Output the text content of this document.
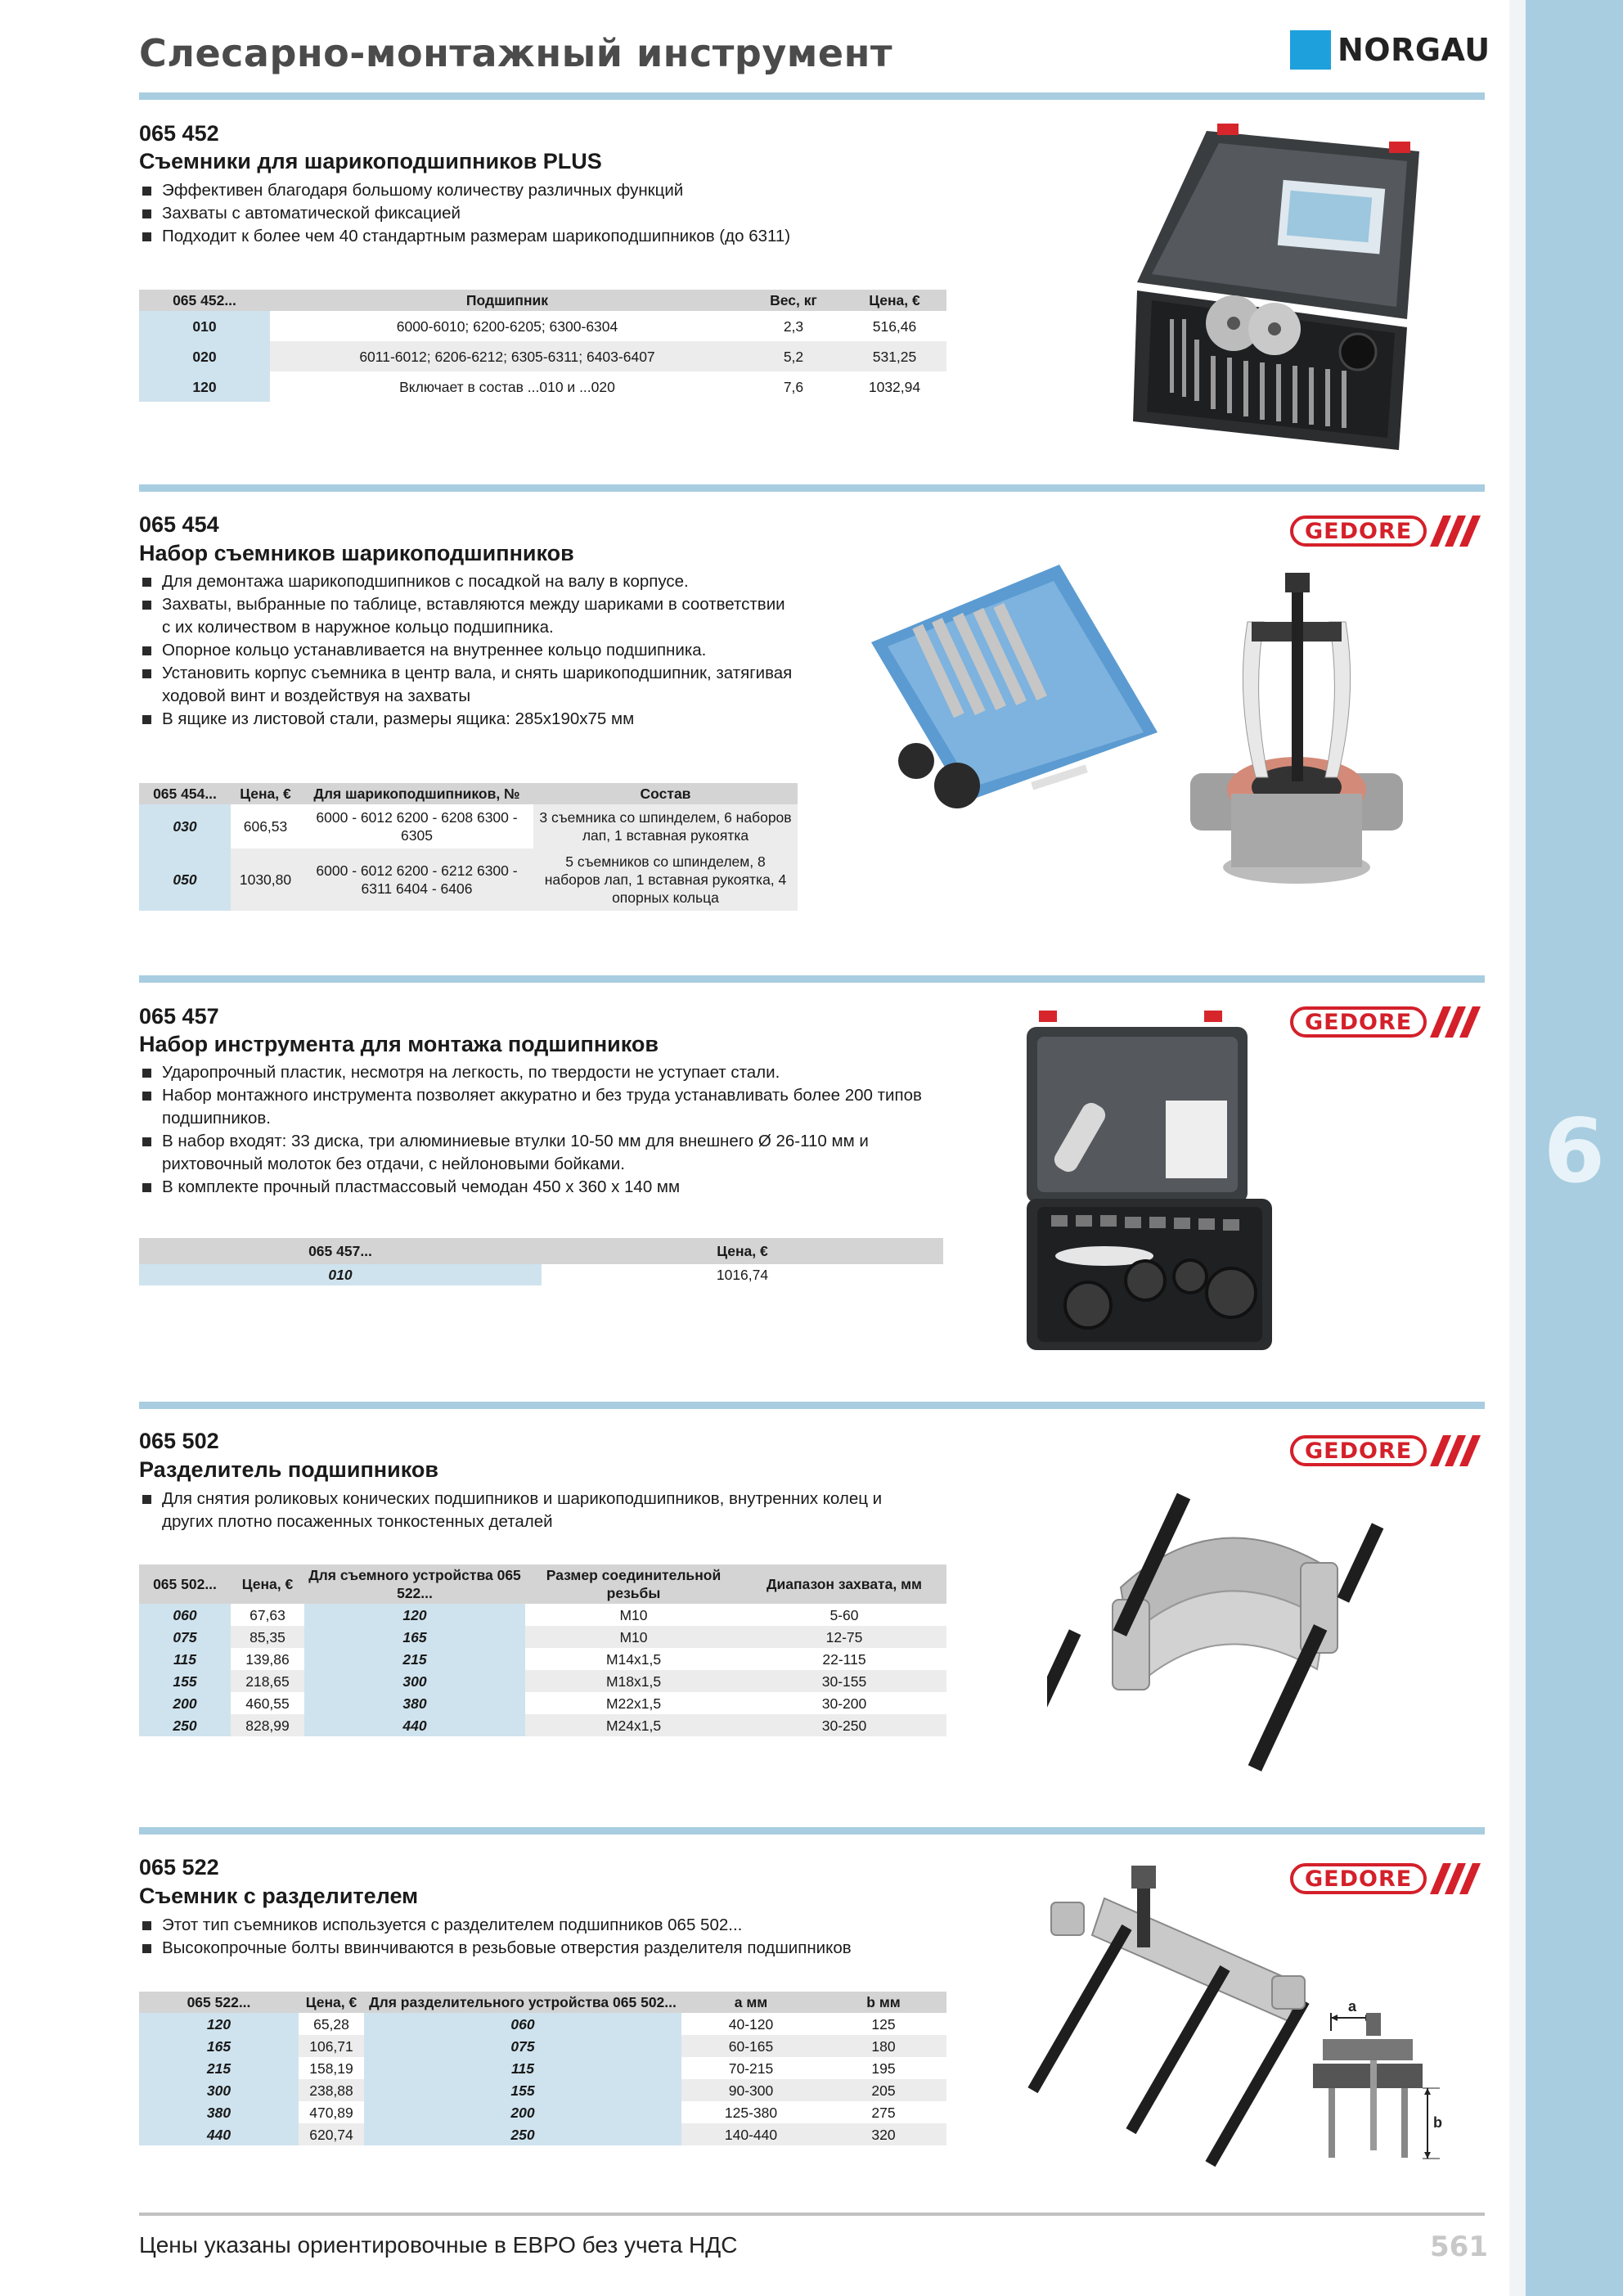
6
Слесарно-монтажный инструмент	NORGAU
065 452
Съемники для шарикоподшипников PLUS
Эффективен благодаря большому количеству различных функций
Захваты с автоматической фиксацией
Подходит к более чем 40 стандартным размерам шарикоподшипников (до 6311)
065 452...	Подшипник	Вес, кг	Цена, €
010	6000-6010; 6200-6205; 6300-6304	2,3	516,46
020	6011-6012; 6206-6212; 6305-6311; 6403-6407	5,2	531,25
120	Включает в состав ...010 и ...020	7,6	1032,94
065 454
Набор съемников шарикоподшипников
Для демонтажа шарикоподшипников с посадкой на валу в корпусе.
Захваты, выбранные по таблице, вставляются между шариками в соответствии с их количеством в наружное кольцо подшипника.
Опорное кольцо устанавливается на внутреннее кольцо подшипника.
Установить корпус съемника в центр вала, и снять шарикоподшипник, затягивая ходовой винт и воздействуя на захваты
В ящике из листовой стали, размеры ящика: 285x190x75 мм
065 454...	Цена, €	Для шарикоподшипников, №	Состав
030	606,53	6000 - 6012 6200 - 6208 6300 - 6305	3 съемника со шпинделем, 6 наборов лап, 1 вставная рукоятка
050	1030,80	6000 - 6012 6200 - 6212 6300 - 6311 6404 - 6406	5 съемников со шпинделем, 8 наборов лап, 1 вставная рукоятка, 4 опорных кольца
GEDORE
065 457
Набор инструмента для монтажа подшипников
Ударопрочный пластик, несмотря на легкость, по твердости не уступает стали.
Набор монтажного инструмента позволяет аккуратно и без труда устанавливать более 200 типов подшипников.
В набор входят: 33 диска, три алюминиевые втулки 10-50 мм для внешнего Ø 26-110 мм и рихтовочный молоток без отдачи, с нейлоновыми бойками.
В комплекте прочный пластмассовый чемодан 450 x 360 x 140 мм
065 457...	Цена, €
010	1016,74
GEDORE
065 502
Разделитель подшипников
Для снятия роликовых конических подшипников и шарикоподшипников, внутренних колец и других плотно посаженных тонкостенных деталей
065 502...	Цена, €	Для съемного устройства 065 522...	Размер соединительной резьбы	Диапазон захвата, мм
060	67,63	120	M10	5-60
075	85,35	165	M10	12-75
115	139,86	215	M14x1,5	22-115
155	218,65	300	M18x1,5	30-155
200	460,55	380	M22x1,5	30-200
250	828,99	440	M24x1,5	30-250
GEDORE
065 522
Съемник с разделителем
Этот тип съемников используется с разделителем подшипников 065 502...
Высокопрочные болты ввинчиваются в резьбовые отверстия разделителя подшипников
065 522...	Цена, €	Для разделительного устройства 065 502...	a мм	b мм
120	65,28	060	40-120	125
165	106,71	075	60-165	180
215	158,19	115	70-215	195
300	238,88	155	90-300	205
380	470,89	200	125-380	275
440	620,74	250	140-440	320
GEDORE
a
b
Цены указаны ориентировочные в ЕВРО без учета НДС	561
